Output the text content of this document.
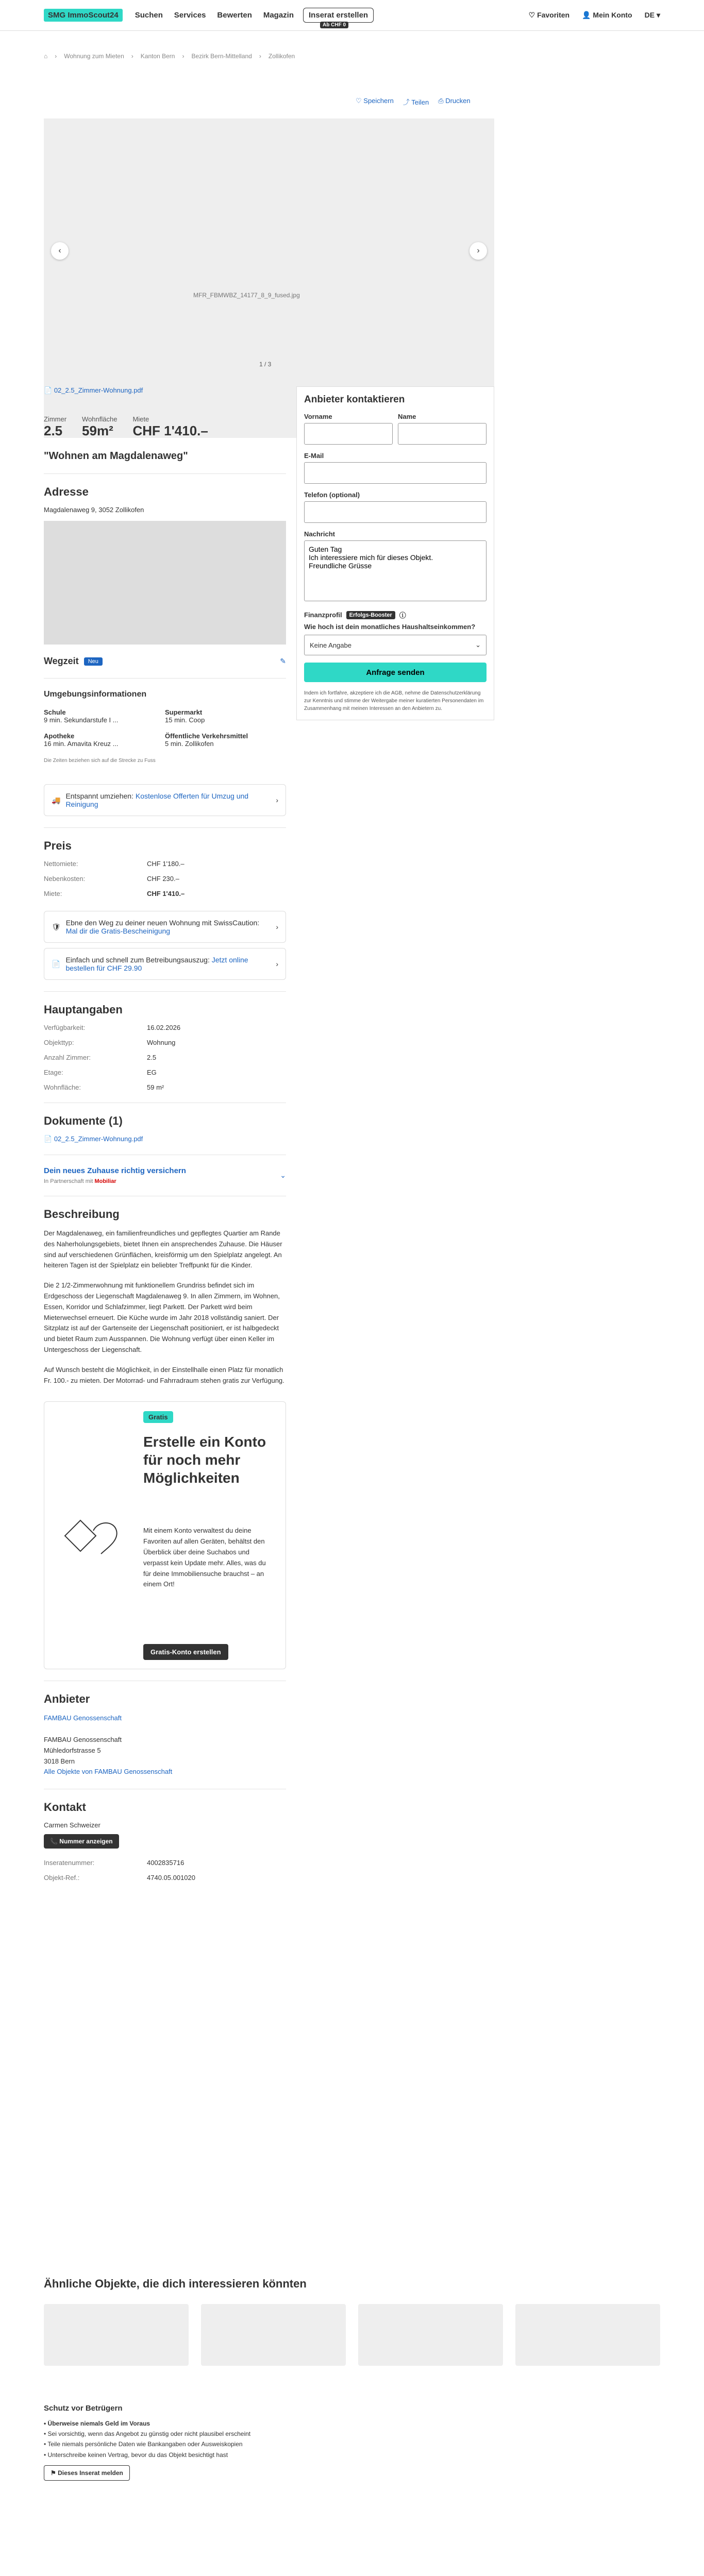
SMG ImmoScout24	Suchen Services Bewerten Magazin	Inserat erstellen
Ab CHF 0
♡ Favoriten 👤 Mein Konto DE ▾
⌂ › Wohnung zum Mieten › Kanton Bern › Bezirk Bern-Mittelland › Zollikofen
♡ Speichern ⤴ Teilen ⎙ Drucken
MFR_FBMWBZ_14177_8_9_fused.jpg
‹	›
1 / 3
📄 02_2.5_Zimmer-Wohnung.pdf
Zimmer
2.5
Wohnfläche
59m²
Miete
CHF 1'410.–
"Wohnen am Magdalenaweg"
Adresse
Magdalenaweg 9, 3052 Zollikofen
Wegzeit	Neu	✎
Umgebungsinformationen
Schule
9 min. Sekundarstufe I ...
Supermarkt
15 min. Coop
Apotheke
16 min. Amavita Kreuz ...
Öffentliche Verkehrsmittel
5 min. Zollikofen
Die Zeiten beziehen sich auf die Strecke zu Fuss
🚚 Entspannt umziehen: Kostenlose Offerten für Umzug und Reinigung	›
Preis
Nettomiete:	CHF 1'180.–
Nebenkosten:	CHF 230.–
Miete:	CHF 1'410.–
🛡 Ebne den Weg zu deiner neuen Wohnung mit SwissCaution: Mal dir die Gratis-Bescheinigung	›
📄 Einfach und schnell zum Betreibungsauszug: Jetzt online bestellen für CHF 29.90	›
Hauptangaben
Verfügbarkeit:	16.02.2026
Objekttyp:	Wohnung
Anzahl Zimmer:	2.5
Etage:	EG
Wohnfläche:	59 m²
Dokumente (1)
📄 02_2.5_Zimmer-Wohnung.pdf
Dein neues Zuhause richtig versichern
In Partnerschaft mit Mobiliar
⌄
Beschreibung

Der Magdalenaweg, ein familienfreundliches und gepflegtes Quartier am Rande des Naherholungsgebiets, bietet Ihnen ein ansprechendes Zuhause. Die Häuser sind auf verschiedenen Grünflächen, kreisförmig um den Spielplatz angelegt. An heiteren Tagen ist der Spielplatz ein beliebter Treffpunkt für die Kinder.

Die 2 1/2-Zimmerwohnung mit funktionellem Grundriss befindet sich im Erdgeschoss der Liegenschaft Magdalenaweg 9. In allen Zimmern, im Wohnen, Essen, Korridor und Schlafzimmer, liegt Parkett. Der Parkett wird beim Mieterwechsel erneuert. Die Küche wurde im Jahr 2018 vollständig saniert. Der Sitzplatz ist auf der Gartenseite der Liegenschaft positioniert, er ist halbgedeckt und bietet Raum zum Ausspannen. Die Wohnung verfügt über einen Keller im Untergeschoss der Liegenschaft.

Auf Wunsch besteht die Möglichkeit, in der Einstellhalle einen Platz für monatlich Fr. 100.- zu mieten. Der Motorrad- und Fahrradraum stehen gratis zur Verfügung.

Gratis
Erstelle ein Konto für noch mehr Möglichkeiten

Mit einem Konto verwaltest du deine Favoriten auf allen Geräten, behältst den Überblick über deine Suchabos und verpasst kein Update mehr. Alles, was du für deine Immobiliensuche brauchst – an einem Ort!

Gratis-Konto erstellen
Anbieter
FAMBAU Genossenschaft

FAMBAU Genossenschaft
Mühledorfstrasse 5
3018 Bern
Alle Objekte von FAMBAU Genossenschaft
Kontakt
Carmen Schweizer
📞 Nummer anzeigen
Inseratenummer:	4002835716
Objekt-Ref.:	4740.05.001020
Anbieter kontaktieren
Vorname	Name
E-Mail
Telefon (optional)
Nachricht
Guten Tag Ich interessiere mich für dieses Objekt. Freundliche Grüsse
Finanzprofil	Erfolgs-Booster	ⓘ
Wie hoch ist dein monatliches Haushaltseinkommen?
Keine Angabe	⌄
Anfrage senden
Indem ich fortfahre, akzeptiere ich die AGB, nehme die Datenschutzerklärung zur Kenntnis und stimme der Weitergabe meiner kuratierten Personendaten im Zusammenhang mit meinen Interessen an den Anbietern zu.
Ähnliche Objekte, die dich interessieren könnten
Schutz vor Betrügern
• Überweise niemals Geld im Voraus
• Sei vorsichtig, wenn das Angebot zu günstig oder nicht plausibel erscheint
• Teile niemals persönliche Daten wie Bankangaben oder Ausweiskopien
• Unterschreibe keinen Vertrag, bevor du das Objekt besichtigt hast
⚑ Dieses Inserat melden
